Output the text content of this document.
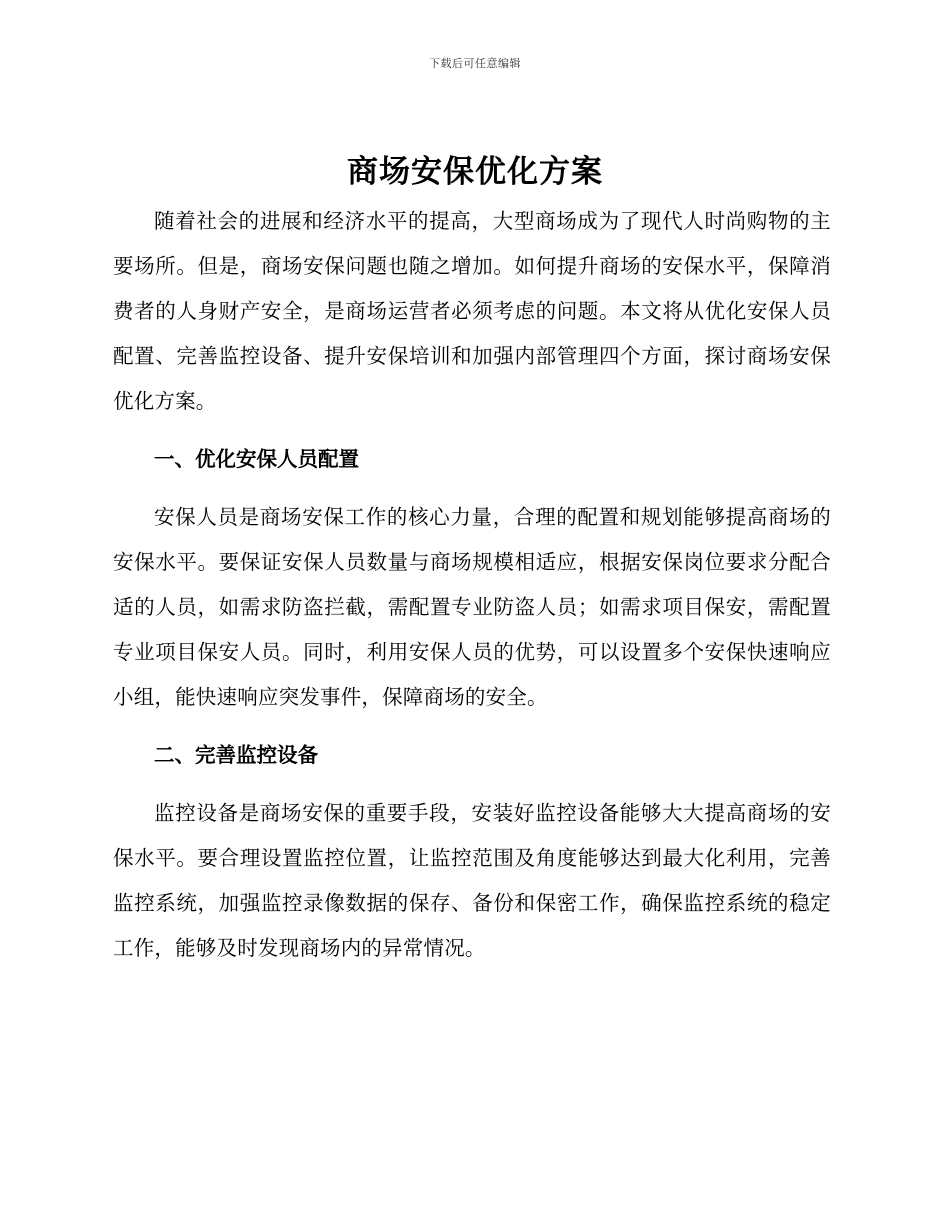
下载后可任意编辑
商场安保优化方案

随着社会的进展和经济水平的提高，大型商场成为了现代人时尚购物的主要场所。但是，商场安保问题也随之增加。如何提升商场的安保水平，保障消费者的人身财产安全，是商场运营者必须考虑的问题。本文将从优化安保人员配置、完善监控设备、提升安保培训和加强内部管理四个方面，探讨商场安保优化方案。

一、优化安保人员配置

安保人员是商场安保工作的核心力量，合理的配置和规划能够提高商场的安保水平。要保证安保人员数量与商场规模相适应，根据安保岗位要求分配合适的人员，如需求防盗拦截，需配置专业防盗人员；如需求项目保安，需配置专业项目保安人员。同时，利用安保人员的优势，可以设置多个安保快速响应小组，能快速响应突发事件，保障商场的安全。

二、完善监控设备

监控设备是商场安保的重要手段，安装好监控设备能够大大提高商场的安保水平。要合理设置监控位置，让监控范围及角度能够达到最大化利用，完善监控系统，加强监控录像数据的保存、备份和保密工作，确保监控系统的稳定工作，能够及时发现商场内的异常情况。
